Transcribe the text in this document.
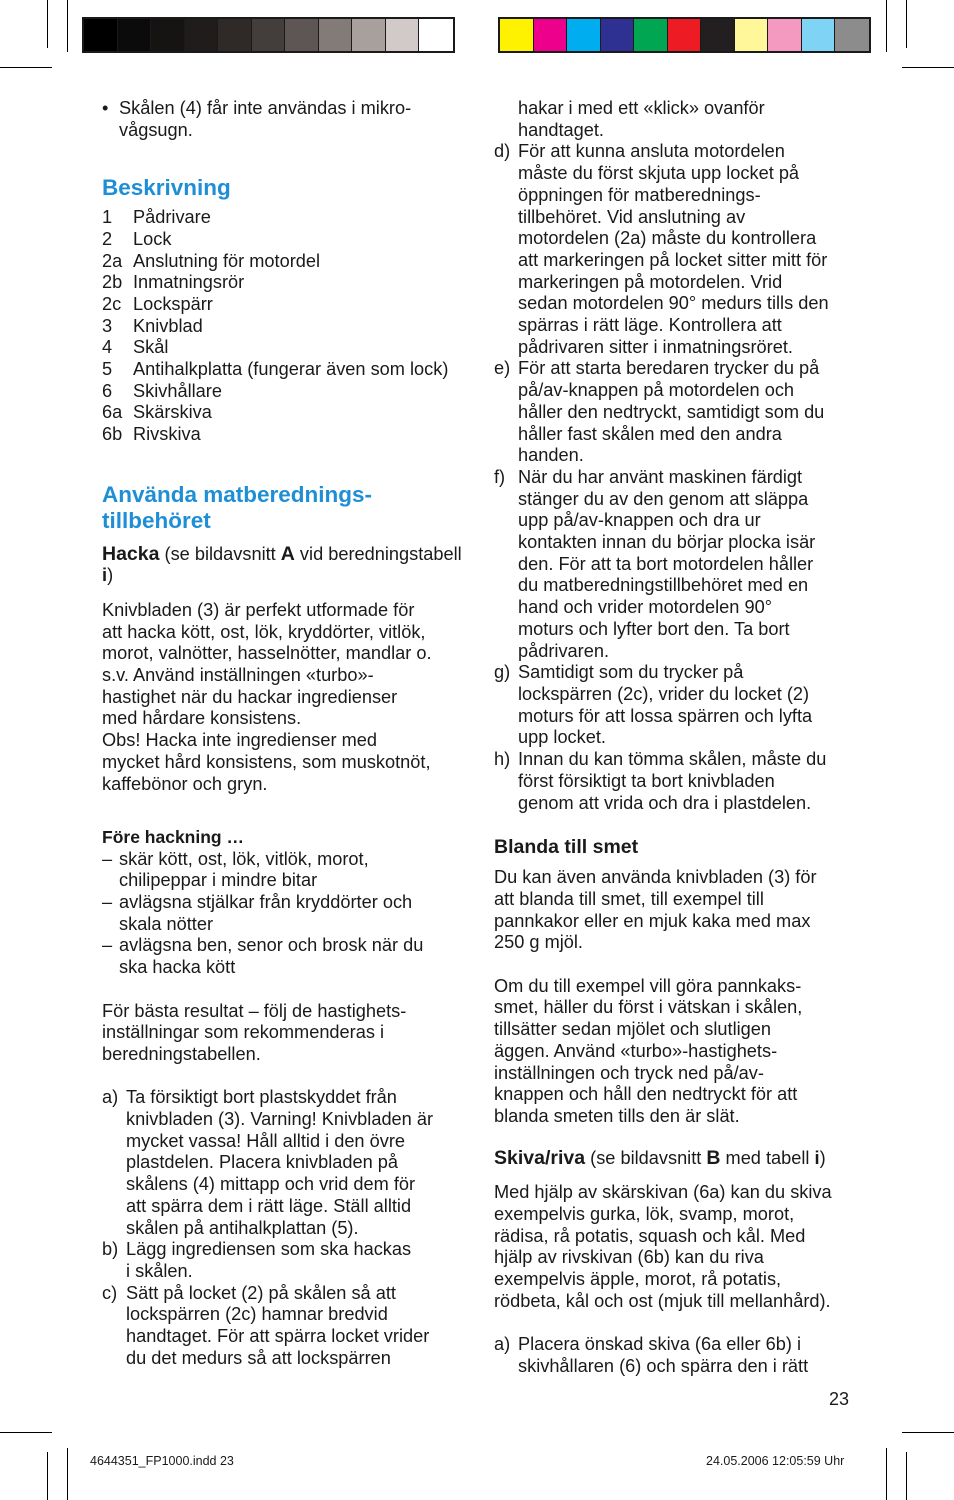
• Skålen (4) får inte användas i mikro-
vågsugn.
Beskrivning
1	Pådrivare
2	Lock
2a Anslutning för motordel
2b Inmatningsrör
2c Lockspärr
3	Knivblad
4	Skål
5	Antihalkplatta (fungerar även som lock)
6	Skivhållare
6a Skärskiva
6b Rivskiva
Använda matberednings-
tillbehöret

Hacka (se bildavsnitt A vid beredningstabell i)

Knivbladen (3) är perfekt utformade för
att hacka kött, ost, lök, kryddörter, vitlök,
morot, valnötter, hasselnötter, mandlar o.
s.v. Använd inställningen «turbo»-
hastighet när du hackar ingredienser
med hårdare konsistens.
Obs! Hacka inte ingredienser med
mycket hård konsistens, som muskotnöt,
kaffebönor och gryn.

Före hackning …

– skär kött, ost, lök, vitlök, morot,
chilipeppar i mindre bitar
– avlägsna stjälkar från kryddörter och
skala nötter
– avlägsna ben, senor och brosk när du
ska hacka kött

För bästa resultat – följ de hastighets-
inställningar som rekommenderas i
beredningstabellen.

a) Ta försiktigt bort plastskyddet från
knivbladen (3). Varning! Knivbladen är
mycket vassa! Håll alltid i den övre
plastdelen. Placera knivbladen på
skålens (4) mittapp och vrid dem för
att spärra dem i rätt läge. Ställ alltid
skålen på antihalkplattan (5).
b) Lägg ingrediensen som ska hackas
i skålen.
c) Sätt på locket (2) på skålen så att
lockspärren (2c) hamnar bredvid
handtaget. För att spärra locket vrider
du det medurs så att lockspärren
hakar i med ett «klick» ovanför
handtaget.
d) För att kunna ansluta motordelen
måste du först skjuta upp locket på
öppningen för matberednings-
tillbehöret. Vid anslutning av
motordelen (2a) måste du kontrollera
att markeringen på locket sitter mitt för
markeringen på motordelen. Vrid
sedan motordelen 90° medurs tills den
spärras i rätt läge. Kontrollera att
pådrivaren sitter i inmatningsröret.
e) För att starta beredaren trycker du på
på/av-knappen på motordelen och
håller den nedtryckt, samtidigt som du
håller fast skålen med den andra
handen.
f) När du har använt maskinen färdigt
stänger du av den genom att släppa
upp på/av-knappen och dra ur
kontakten innan du börjar plocka isär
den. För att ta bort motordelen håller
du matberedningstillbehöret med en
hand och vrider motordelen 90°
moturs och lyfter bort den. Ta bort
pådrivaren.
g) Samtidigt som du trycker på
lockspärren (2c), vrider du locket (2)
moturs för att lossa spärren och lyfta
upp locket.
h) Innan du kan tömma skålen, måste du
först försiktigt ta bort knivbladen
genom att vrida och dra i plastdelen.
Blanda till smet

Du kan även använda knivbladen (3) för
att blanda till smet, till exempel till
pannkakor eller en mjuk kaka med max
250 g mjöl.

Om du till exempel vill göra pannkaks-
smet, häller du först i vätskan i skålen,
tillsätter sedan mjölet och slutligen
äggen. Använd «turbo»-hastighets-
inställningen och tryck ned på/av-
knappen och håll den nedtryckt för att
blanda smeten tills den är slät.

Skiva/riva (se bildavsnitt B med tabell i)

Med hjälp av skärskivan (6a) kan du skiva
exempelvis gurka, lök, svamp, morot,
rädisa, rå potatis, squash och kål. Med
hjälp av rivskivan (6b) kan du riva
exempelvis äpple, morot, rå potatis,
rödbeta, kål och ost (mjuk till mellanhård).

a) Placera önskad skiva (6a eller 6b) i
skivhållaren (6) och spärra den i rätt
23
4644351_FP1000.indd 23	24.05.2006 12:05:59 Uhr
